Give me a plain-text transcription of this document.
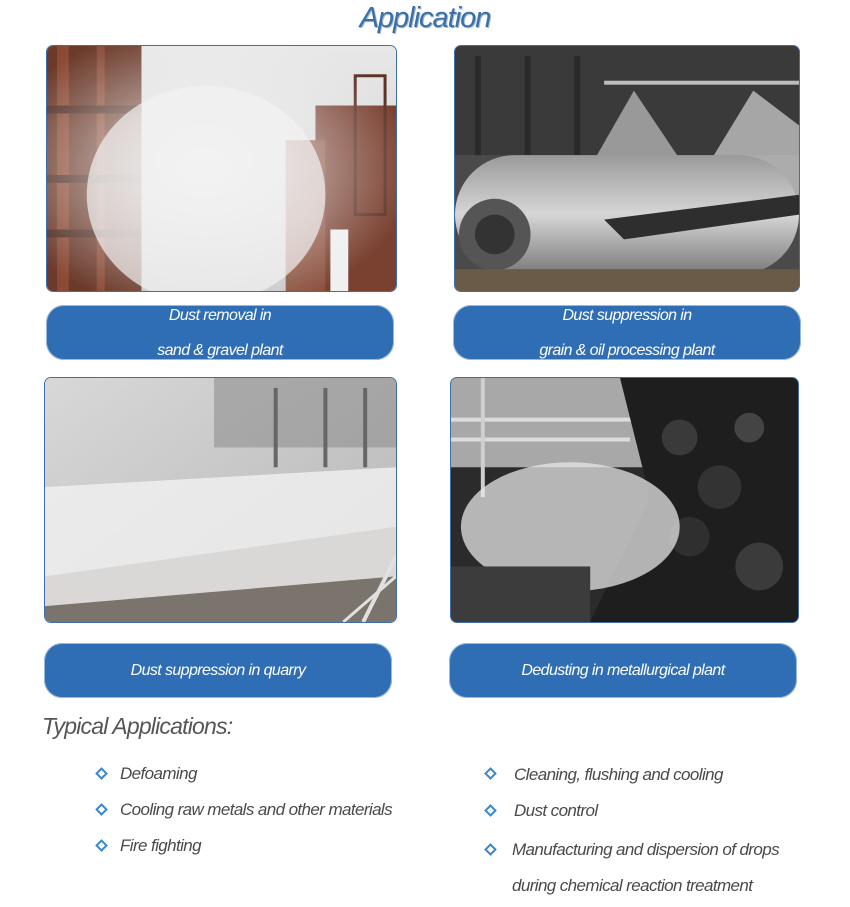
Application
Dust removal in
sand & gravel plant
Dust suppression in
grain & oil processing plant
Dust suppression in quarry	Dedusting in metallurgical plant
Typical Applications:
Defoaming
Cooling raw metals and other materials
Fire fighting
Cleaning, flushing and cooling
Dust control
Manufacturing and dispersion of drops
during chemical reaction treatment
